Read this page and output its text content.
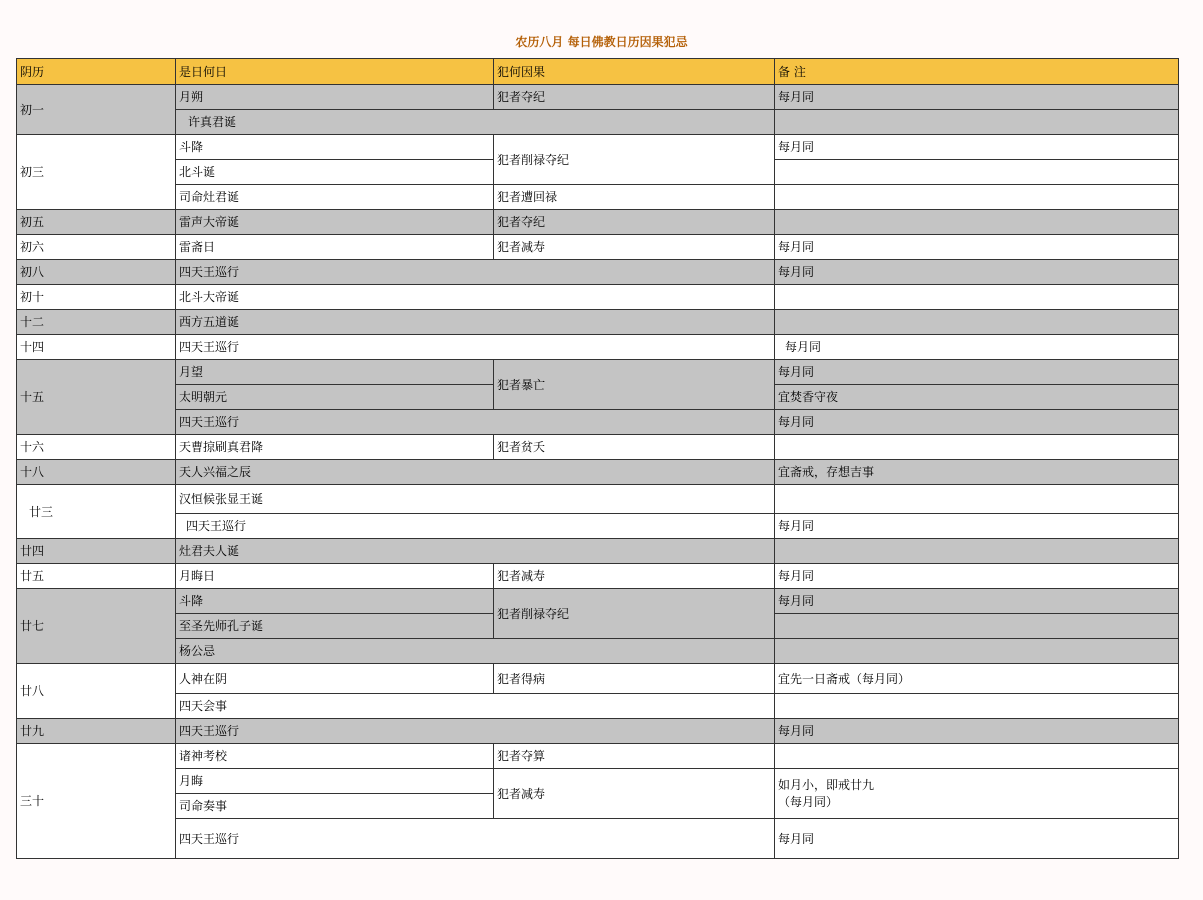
农历八月 每日佛教日历因果犯忌
阴历	是日何日	犯何因果	备 注
初一	月朔	犯者夺纪	每月同
	许真君诞		
初三	斗降	犯者削禄夺纪	每月同
	北斗诞		
	司命灶君诞	犯者遭回禄	
初五	雷声大帝诞	犯者夺纪	
初六	雷斋日	犯者减寿	每月同
初八	四天王巡行		每月同
初十	北斗大帝诞		
十二	西方五道诞		
十四	四天王巡行		每月同
十五	月望	犯者暴亡	每月同
	太明朝元		宜焚香守夜
	四天王巡行		每月同
十六	天曹掠刷真君降	犯者贫夭	
十八	天人兴福之辰		宜斋戒，存想吉事
廿三	汉恒候张显王诞		
	四天王巡行		每月同
廿四	灶君夫人诞		
廿五	月晦日	犯者减寿	每月同
廿七	斗降	犯者削禄夺纪	每月同
	至圣先师孔子诞		
	杨公忌		
廿八	人神在阴	犯者得病	宜先一日斋戒（每月同）
	四天会事		
廿九	四天王巡行		每月同
三十	诸神考校	犯者夺算	
	月晦	犯者减寿	如月小，即戒廿九
（每月同）

	司命奏事		
	四天王巡行		每月同
